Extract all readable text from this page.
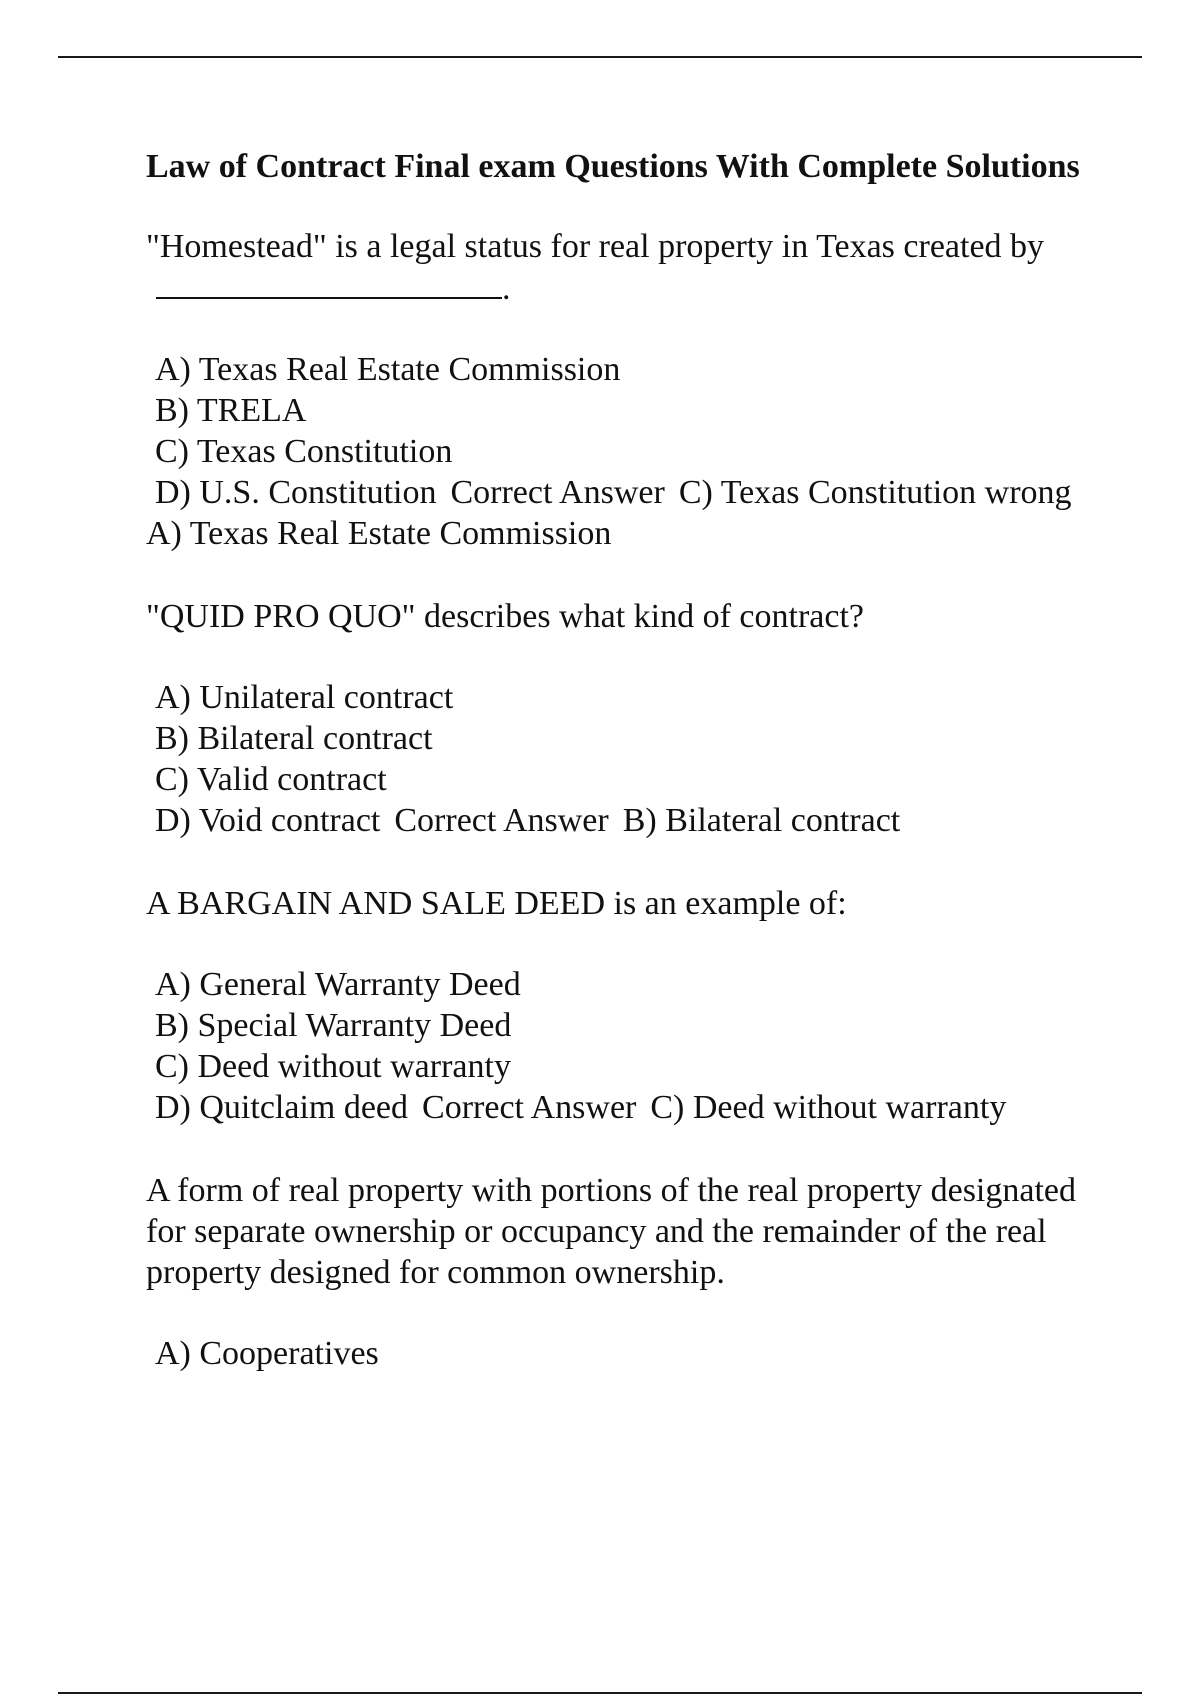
Law of Contract Final exam Questions With Complete Solutions
"Homestead" is a legal status for real property in Texas created by.
A) Texas Real Estate Commission
B) TRELA
C) Texas Constitution
D) U.S. Constitution Correct Answer C) Texas Constitution wrong A) Texas Real Estate Commission
"QUID PRO QUO" describes what kind of contract?
A) Unilateral contract
B) Bilateral contract
C) Valid contract
D) Void contract Correct Answer B) Bilateral contract
A BARGAIN AND SALE DEED is an example of:
A) General Warranty Deed
B) Special Warranty Deed
C) Deed without warranty
D) Quitclaim deed Correct Answer C) Deed without warranty
A form of real property with portions of the real property designated for separate ownership or occupancy and the remainder of the real property designed for common ownership.
A) Cooperatives
